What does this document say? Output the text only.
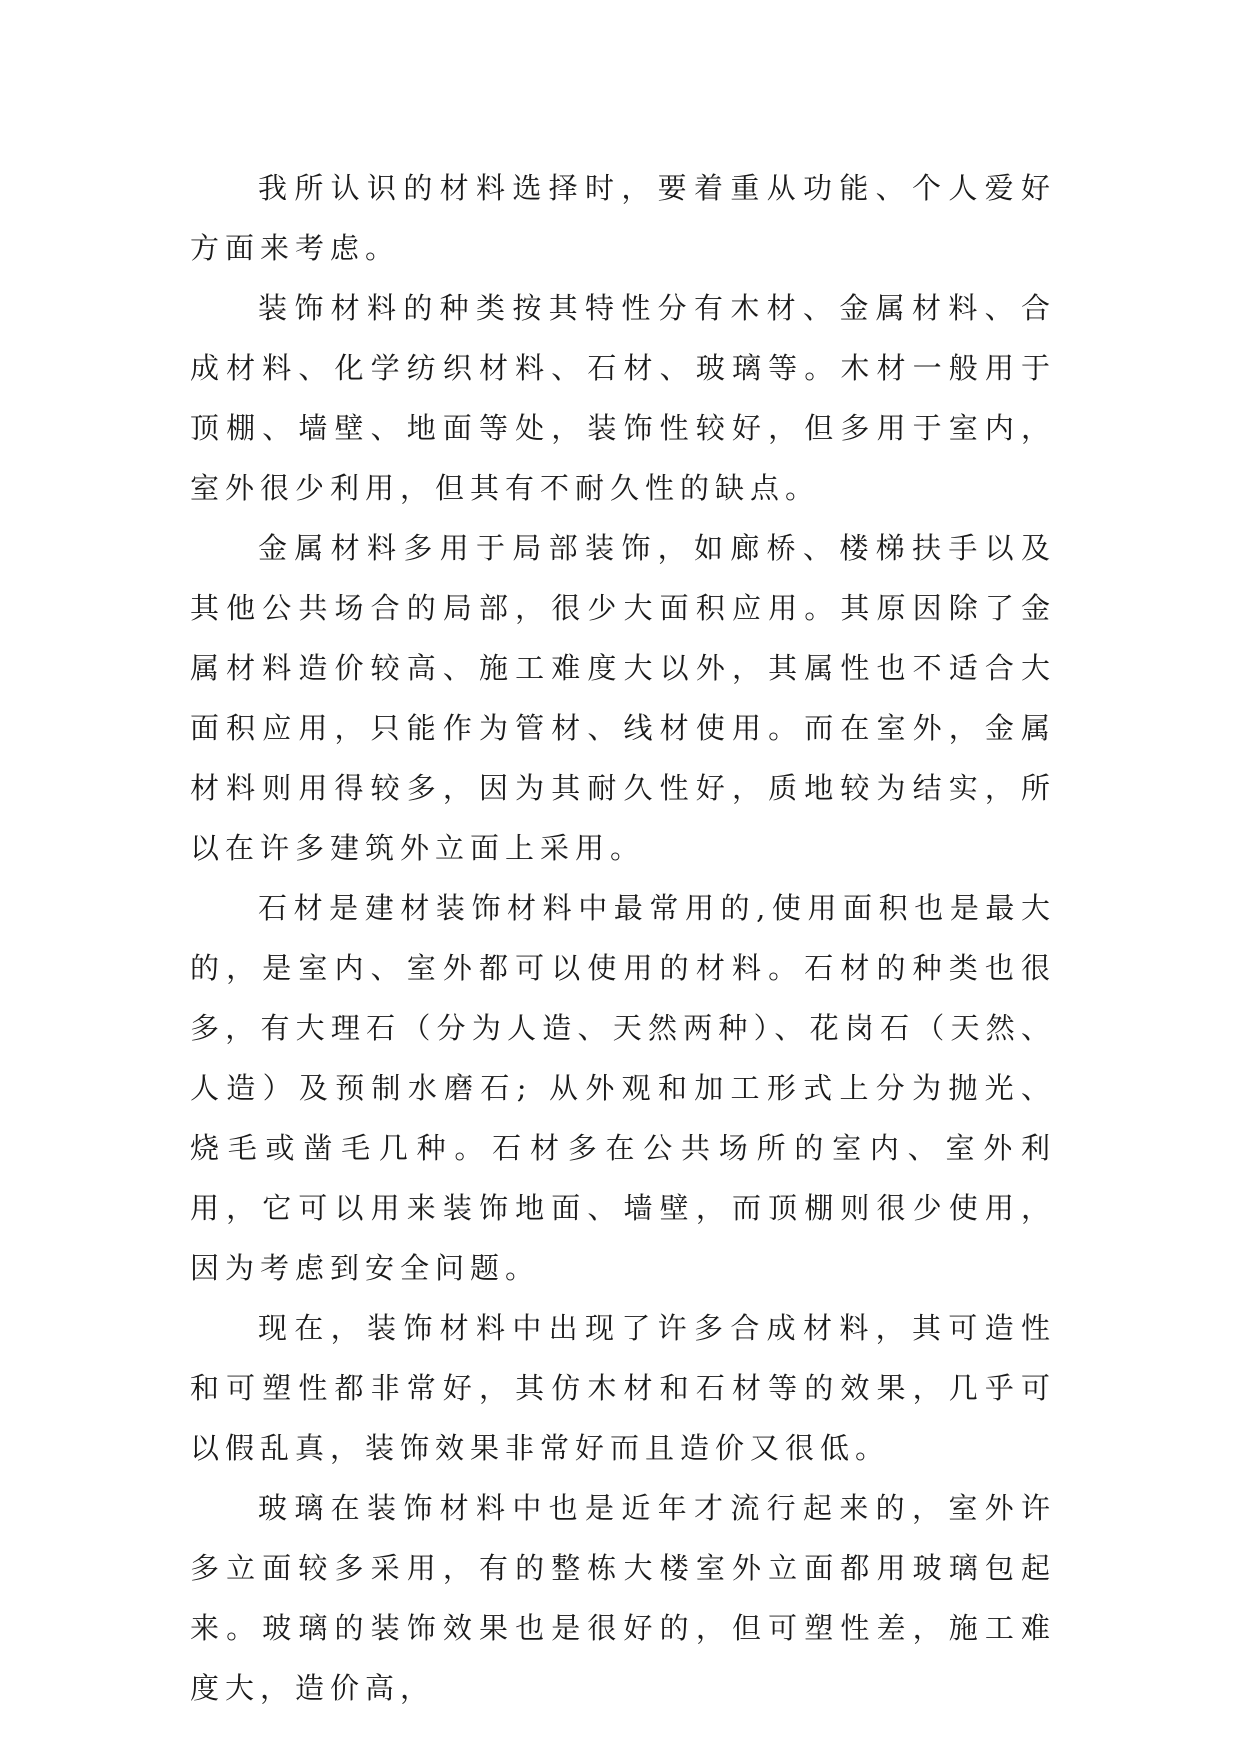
我所认识的材料选择时，要着重从功能、个人爱好方面来考虑。

装饰材料的种类按其特性分有木材、金属材料、合成材料、化学纺织材料、石材、玻璃等。木材一般用于顶棚、墙壁、地面等处，装饰性较好，但多用于室内，室外很少利用，但其有不耐久性的缺点。

金属材料多用于局部装饰，如廊桥、楼梯扶手以及其他公共场合的局部，很少大面积应用。其原因除了金属材料造价较高、施工难度大以外，其属性也不适合大面积应用，只能作为管材、线材使用。而在室外，金属材料则用得较多，因为其耐久性好，质地较为结实，所以在许多建筑外立面上采用。

石材是建材装饰材料中最常用的,使用面积也是最大的，是室内、室外都可以使用的材料。石材的种类也很多，有大理石（分为人造、天然两种）、花岗石（天然、人造）及预制水磨石; 从外观和加工形式上分为抛光、烧毛或凿毛几种。石材多在公共场所的室内、室外利用，它可以用来装饰地面、墙壁，而顶棚则很少使用，因为考虑到安全问题。

现在，装饰材料中出现了许多合成材料，其可造性和可塑性都非常好，其仿木材和石材等的效果，几乎可以假乱真，装饰效果非常好而且造价又很低。

玻璃在装饰材料中也是近年才流行起来的，室外许多立面较多采用，有的整栋大楼室外立面都用玻璃包起来。玻璃的装饰效果也是很好的，但可塑性差，施工难度大，造价高，
